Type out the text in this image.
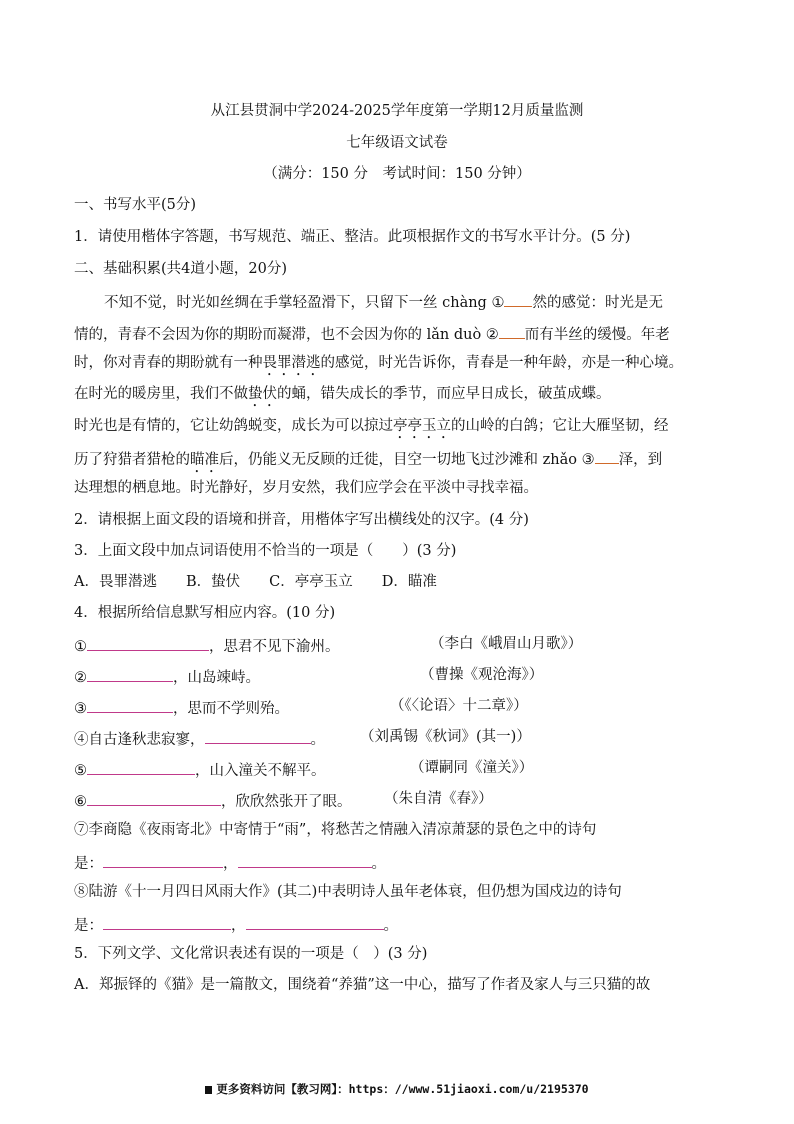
从江县贯洞中学2024-2025学年度第一学期12月质量监测
七年级语文试卷
（满分：150 分　考试时间：150 分钟）
一、书写水平(5分)
1．请使用楷体字答题，书写规范、端正、整洁。此项根据作文的书写水平计分。(5 分)
二、基础积累(共4道小题，20分)
不知不觉，时光如丝绸在手掌轻盈滑下，只留下一丝 chàng ① 然的感觉：时光是无
情的，青春不会因为你的期盼而凝滞，也不会因为你的 lǎn duò ② 而有半丝的缓慢。年老
时，你对青春的期盼就有一种畏罪潜逃的感觉，时光告诉你，青春是一种年龄，亦是一种心境。
在时光的暖房里，我们不做蛰伏的蛹，错失成长的季节，而应早日成长，破茧成蝶。
时光也是有情的，它让幼鸽蜕变，成长为可以掠过亭亭玉立的山岭的白鸽；它让大雁坚韧，经
历了狩猎者猎枪的瞄准后，仍能义无反顾的迁徙，目空一切地飞过沙滩和 zhǎo ③ 泽，到
达理想的栖息地。时光静好，岁月安然，我们应学会在平淡中寻找幸福。
2．请根据上面文段的语境和拼音，用楷体字写出横线处的汉字。(4 分)
3．上面文段中加点词语使用不恰当的一项是（　　）(3 分)
A．畏罪潜逃　　B．蛰伏　　C．亭亭玉立　　D．瞄准
4．根据所给信息默写相应内容。(10 分)
①	，思君不见下渝州。	（李白《峨眉山月歌》）
②	，山岛竦峙。	（曹操《观沧海》）
③	，思而不学则殆。	（《〈论语〉十二章》）
④自古逢秋悲寂寥，	。 （刘禹锡《秋词》(其一)）
⑤	，山入潼关不解平。	（谭嗣同《潼关》）
⑥	，欣欣然张开了眼。 （朱自清《春》）
⑦李商隐《夜雨寄北》中寄情于“雨”，将愁苦之情融入清凉萧瑟的景色之中的诗句
是：	，	。
⑧陆游《十一月四日风雨大作》(其二)中表明诗人虽年老体衰，但仍想为国戍边的诗句
是：	，	。
5．下列文学、文化常识表述有误的一项是（　）(3 分)
A．郑振铎的《猫》是一篇散文，围绕着“养猫”这一中心，描写了作者及家人与三只猫的故
更多资料访问【教习网】：https：//www.51jiaoxi.com/u/2195370
